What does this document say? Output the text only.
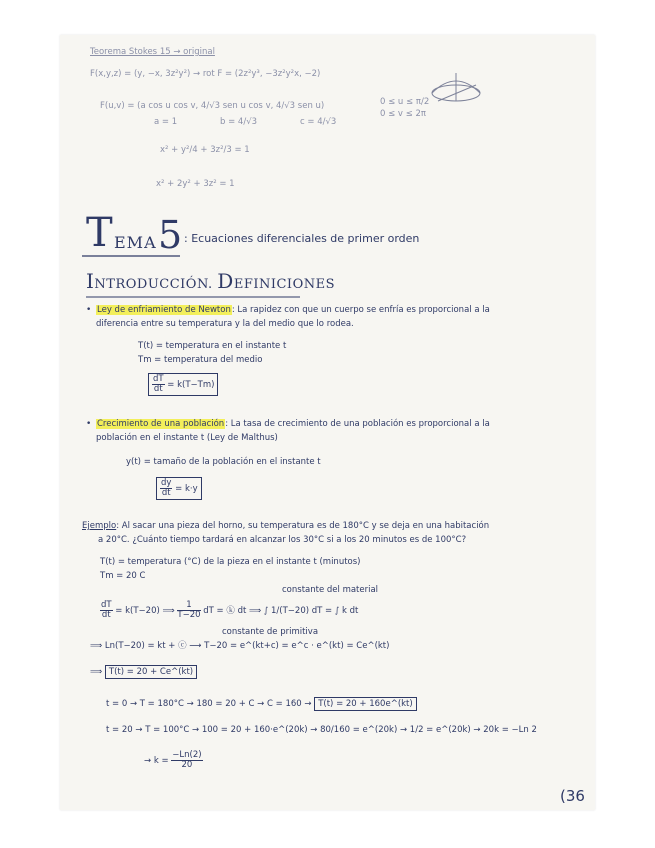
Teorema Stokes 15 → original
F(x,y,z) = (y, −x, 3z²y²) → rot F = (2z²y³, −3z²y²x, −2)
F(u,v) = (a cos u cos v, 4/√3 sen u cos v, 4/√3 sen u)	0 ≤ u ≤ π/2
0 ≤ v ≤ 2π
a = 1	b = 4/√3	c = 4/√3
x² + y²/4 + 3z²/3 = 1
x² + 2y² + 3z² = 1
T EMA 5 : Ecuaciones diferenciales de primer orden
INTRODUCCIÓN. DEFINICIONES
• Ley de enfriamiento de Newton: La rapidez con que un cuerpo se enfría es proporcional a la
diferencia entre su temperatura y la del medio que lo rodea.
T(t) = temperatura en el instante t
Tm = temperatura del medio
$\frac{dT}{dt} = k(T-Tm)$
• Crecimiento de una población: La tasa de crecimiento de una población es proporcional a la
población en el instante t (Ley de Malthus)
y(t) = tamaño de la población en el instante t
$\frac{dy}{dt} = k\cdot y$
Ejemplo: Al sacar una pieza del horno, su temperatura es de 180°C y se deja en una habitación
a 20°C. ¿Cuánto tiempo tardará en alcanzar los 30°C si a los 20 minutos es de 100°C?
T(t) = temperatura (°C) de la pieza en el instante t (minutos)
Tm = 20 C
constante del material
$\frac{dT}{dt} = k(T-20)$ ⟹ $\frac{1}{T-20}$ dT = ⓚ dt ⟹ ∫ 1/(T−20) dT = ∫ k dt
constante de primitiva
⟹ Ln(T−20) = kt + ⓒ ⟶ T−20 = e^(kt+c) = e^c · e^(kt) = Ce^(kt)
⟹ T(t) = 20 + Ce^(kt)
t = 0 → T = 180°C → 180 = 20 + C → C = 160 → T(t) = 20 + 160e^(kt)
t = 20 → T = 100°C → 100 = 20 + 160·e^(20k) → 80/160 = e^(20k) → 1/2 = e^(20k) → 20k = −Ln 2
→ $k = \frac{-Ln(2)}{20}$
(36
